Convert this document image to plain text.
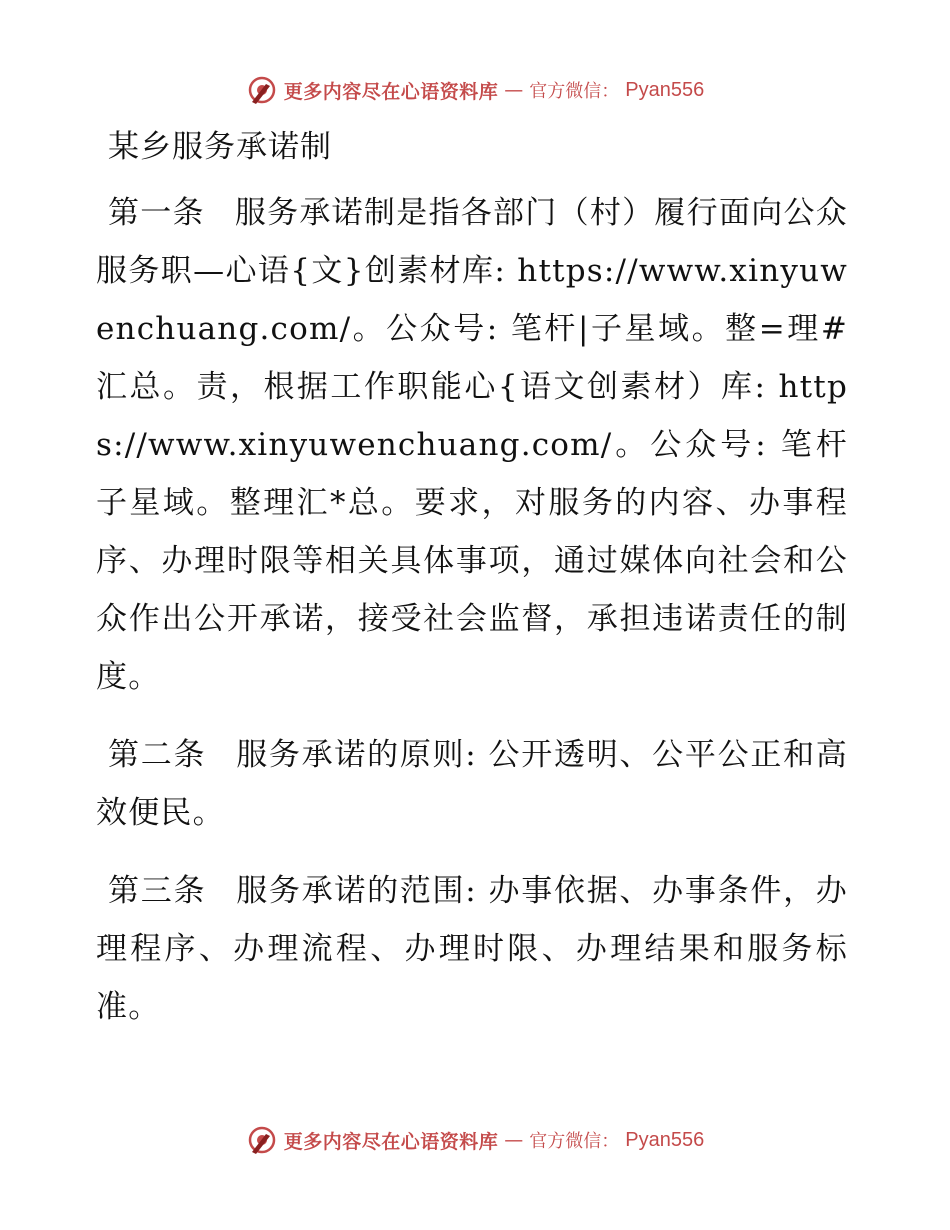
更多内容尽在心语资料库 — 官方微信： Pyan556
某乡服务承诺制

第一条 服务承诺制是指各部门（村）履行面向公众服务职—心语{文}创素材库: https://www.xinyuwenchuang.com/。公众号: 笔杆|子星域。整=理#汇总。责，根据工作职能心{语文创素材）库: https://www.xinyuwenchuang.com/。公众号: 笔杆子星域。整理汇*总。要求，对服务的内容、办事程序、办理时限等相关具体事项，通过媒体向社会和公众作出公开承诺，接受社会监督，承担违诺责任的制度。

第二条 服务承诺的原则: 公开透明、公平公正和高效便民。

第三条 服务承诺的范围: 办事依据、办事条件，办理程序、办理流程、办理时限、办理结果和服务标准。

更多内容尽在心语资料库 — 官方微信： Pyan556
